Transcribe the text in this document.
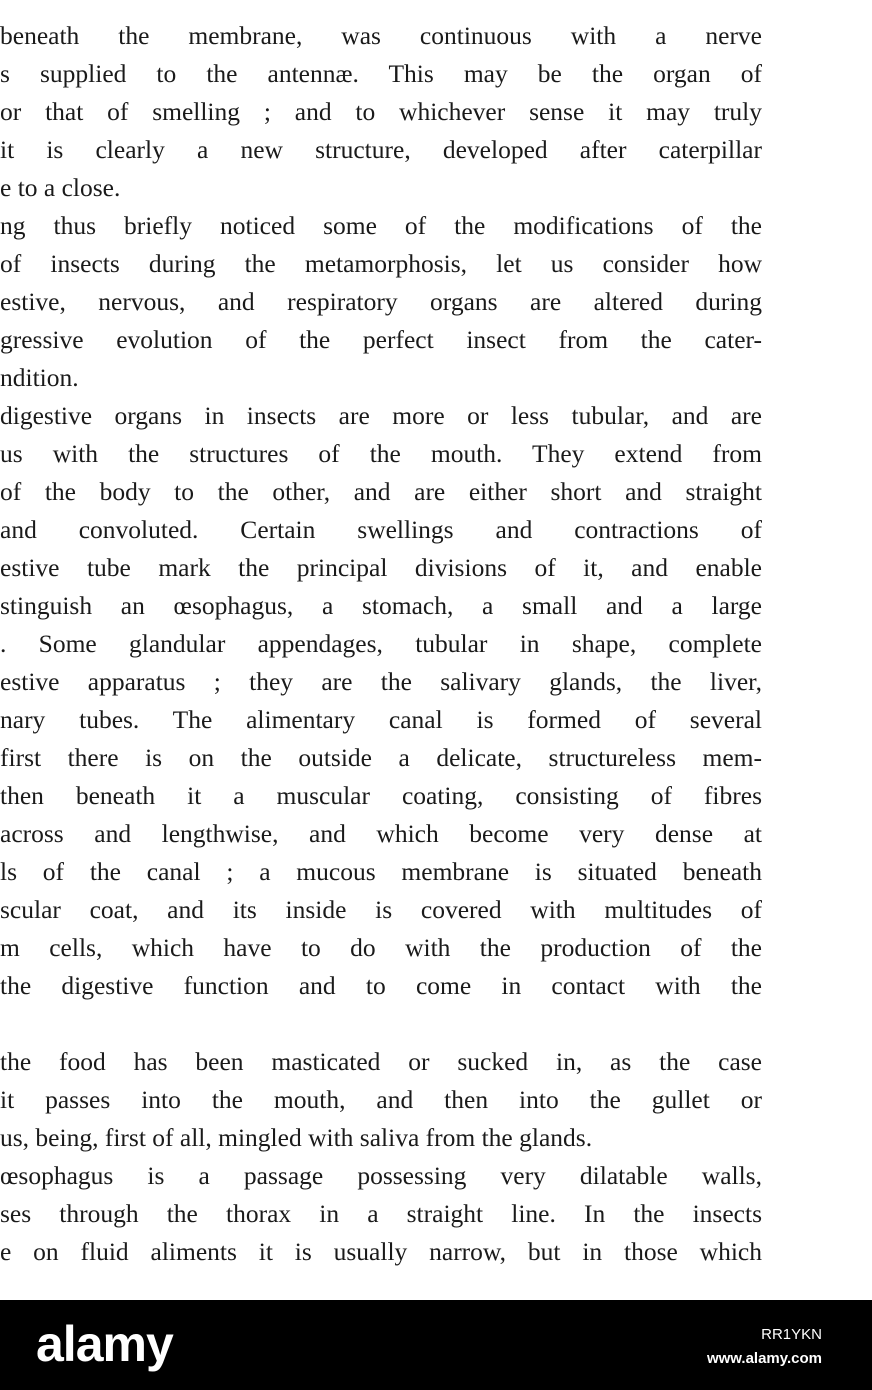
beneath the membrane, was continuous with a nerve
s supplied to the antennæ. This may be the organ of
or that of smelling ; and to whichever sense it may truly
it is clearly a new structure, developed after caterpillar
e to a close.
ng thus briefly noticed some of the modifications of the
of insects during the metamorphosis, let us consider how
estive, nervous, and respiratory organs are altered during
gressive evolution of the perfect insect from the cater-
ndition.
digestive organs in insects are more or less tubular, and are
us with the structures of the mouth. They extend from
of the body to the other, and are either short and straight
and convoluted. Certain swellings and contractions of
estive tube mark the principal divisions of it, and enable
stinguish an œsophagus, a stomach, a small and a large
. Some glandular appendages, tubular in shape, complete
estive apparatus ; they are the salivary glands, the liver,
nary tubes. The alimentary canal is formed of several
first there is on the outside a delicate, structureless mem-
then beneath it a muscular coating, consisting of fibres
across and lengthwise, and which become very dense at
ls of the canal ; a mucous membrane is situated beneath
scular coat, and its inside is covered with multitudes of
m cells, which have to do with the production of the
the digestive function and to come in contact with the
the food has been masticated or sucked in, as the case
it passes into the mouth, and then into the gullet or
us, being, first of all, mingled with saliva from the glands.
œsophagus is a passage possessing very dilatable walls,
ses through the thorax in a straight line. In the insects
e on fluid aliments it is usually narrow, but in those which
alamy	RR1YKN
www.alamy.com
